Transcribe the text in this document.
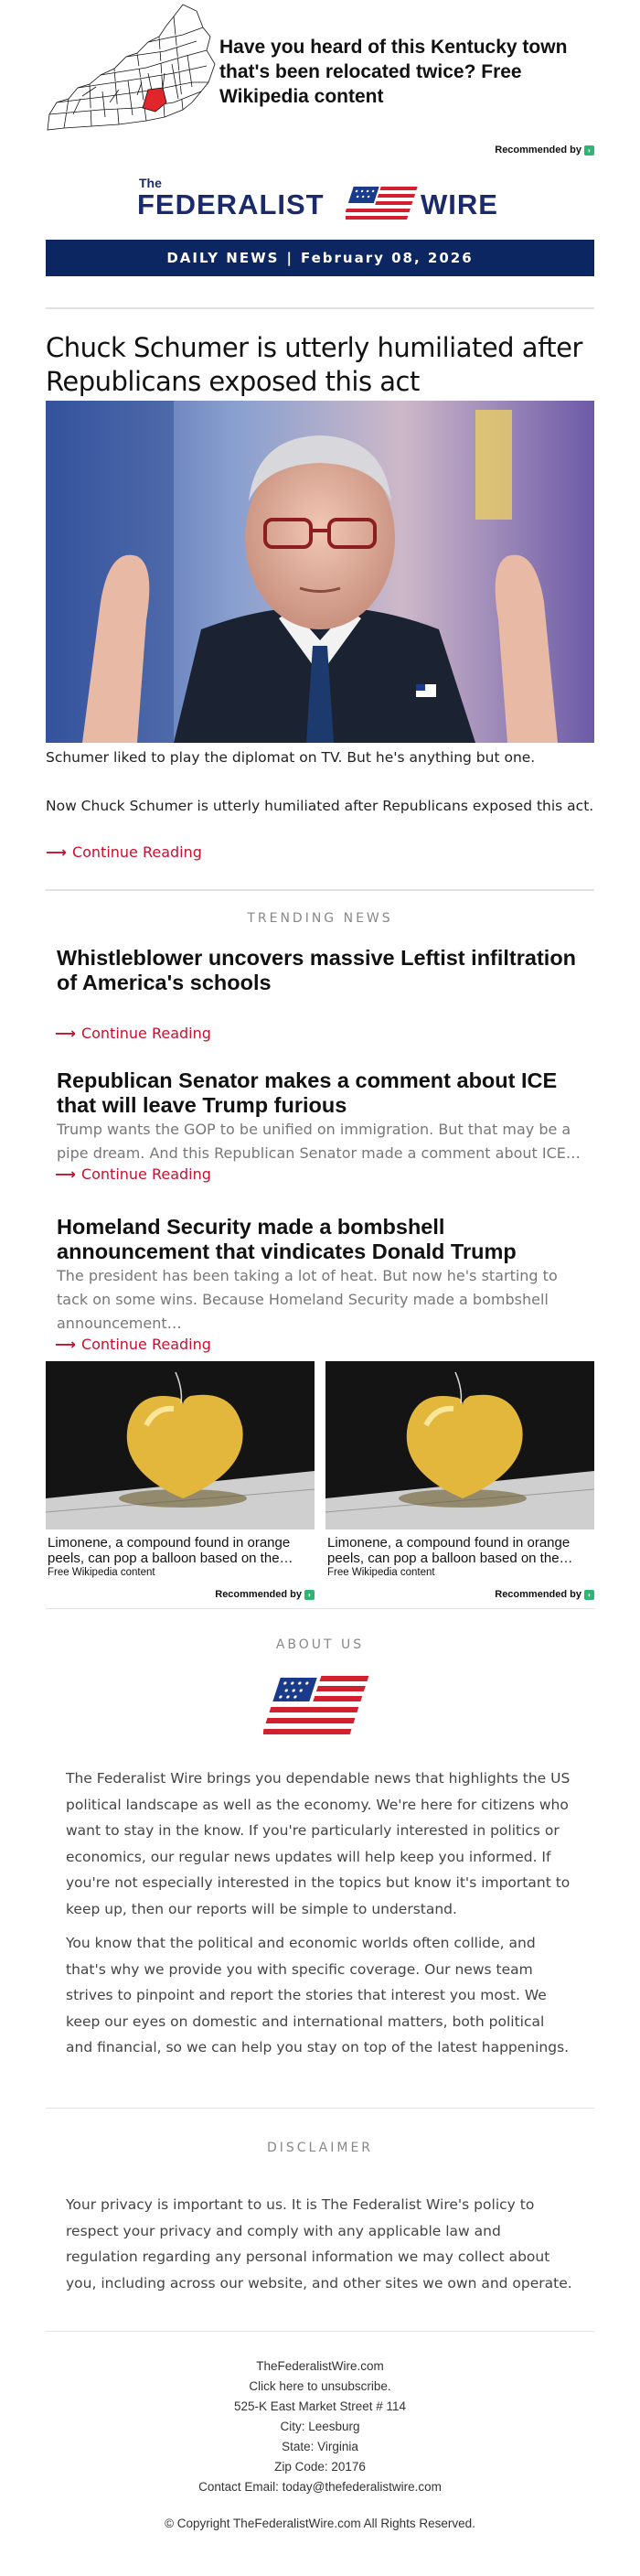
Have you heard of this Kentucky town that's been relocated twice? Free Wikipedia content
Recommended by ◗
The
FEDERALIST	WIRE
DAILY NEWS | February 08, 2026
Chuck Schumer is utterly humiliated after Republicans exposed this act

Schumer liked to play the diplomat on TV. But he's anything but one.

Now Chuck Schumer is utterly humiliated after Republicans exposed this act.

⟶ Continue Reading
TRENDING NEWS
Whistleblower uncovers massive Leftist infiltration of America's schools

⟶ Continue Reading
Republican Senator makes a comment about ICE that will leave Trump furious

Trump wants the GOP to be unified on immigration. But that may be a pipe dream. And this Republican Senator made a comment about ICE…

⟶ Continue Reading
Homeland Security made a bombshell announcement that vindicates Donald Trump

The president has been taking a lot of heat. But now he's starting to tack on some wins. Because Homeland Security made a bombshell announcement…

⟶ Continue Reading
Limonene, a compound found in orange peels, can pop a balloon based on the…
Free Wikipedia content
Recommended by ◗
Limonene, a compound found in orange peels, can pop a balloon based on the…
Free Wikipedia content
Recommended by ◗
ABOUT US

The Federalist Wire brings you dependable news that highlights the US political landscape as well as the economy. We're here for citizens who want to stay in the know. If you're particularly interested in politics or economics, our regular news updates will help keep you informed. If you're not especially interested in the topics but know it's important to keep up, then our reports will be simple to understand.

You know that the political and economic worlds often collide, and that's why we provide you with specific coverage. Our news team strives to pinpoint and report the stories that interest you most. We keep our eyes on domestic and international matters, both political and financial, so we can help you stay on top of the latest happenings.

DISCLAIMER

Your privacy is important to us. It is The Federalist Wire's policy to respect your privacy and comply with any applicable law and regulation regarding any personal information we may collect about you, including across our website, and other sites we own and operate.

TheFederalistWire.com
Click here to unsubscribe.
525-K East Market Street # 114
City: Leesburg
State: Virginia
Zip Code: 20176
Contact Email: today@thefederalistwire.com
© Copyright TheFederalistWire.com All Rights Reserved.
